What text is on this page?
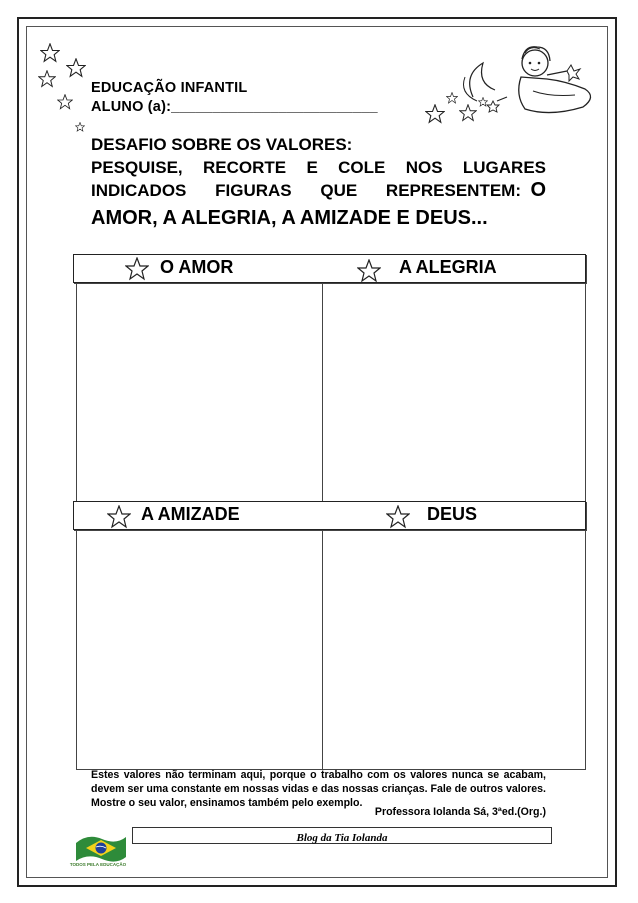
EDUCAÇÃO INFANTIL
ALUNO (a):_________________________
DESAFIO SOBRE OS VALORES:
PESQUISE, RECORTE E COLE NOS LUGARES
INDICADOS FIGURAS QUE REPRESENTEM: O
AMOR, A ALEGRIA, A AMIZADE E DEUS...
O AMOR	A ALEGRIA
A AMIZADE	DEUS
Estes valores não terminam aqui, porque o trabalho com os valores nunca se acabam, devem ser uma constante em nossas vidas e das nossas crianças. Fale de outros valores. Mostre o seu valor, ensinamos também pelo exemplo.
Professora Iolanda Sá, 3ªed.(Org.)
TODOS PELA EDUCAÇÃO
Blog da Tia Iolanda
